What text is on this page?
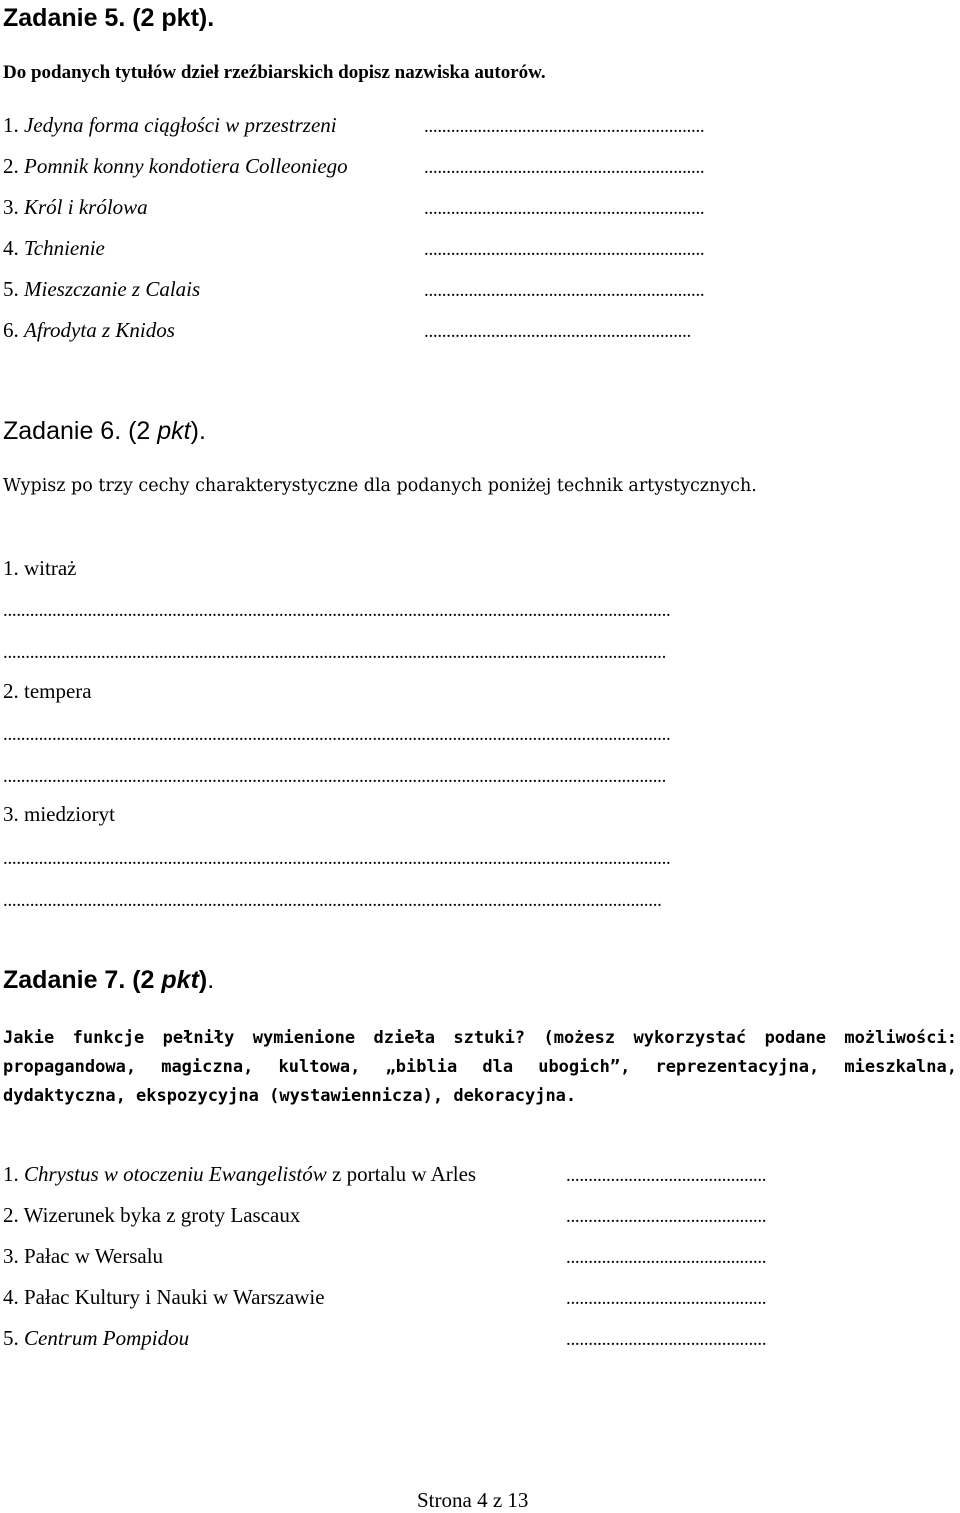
Zadanie 5. (2 pkt).
Do podanych tytułów dzieł rzeźbiarskich dopisz nazwiska autorów.
1. Jedyna forma ciągłości w przestrzeni	...............................................................
2. Pomnik konny kondotiera Colleoniego	...............................................................
3. Król i królowa	...............................................................
4. Tchnienie	...............................................................
5. Mieszczanie z Calais	...............................................................
6. Afrodyta z Knidos	............................................................
Zadanie 6. (2 pkt).
Wypisz po trzy cechy charakterystyczne dla podanych poniżej technik artystycznych.
1. witraż
......................................................................................................................................................
.....................................................................................................................................................
2. tempera
......................................................................................................................................................
.....................................................................................................................................................
3. miedzioryt
......................................................................................................................................................
....................................................................................................................................................
Zadanie 7. (2 pkt).
Jakie funkcje pełniły wymienione dzieła sztuki? (możesz wykorzystać podane możliwości: propagandowa, magiczna, kultowa, „biblia dla ubogich”, reprezentacyjna, mieszkalna, dydaktyczna, ekspozycyjna (wystawiennicza), dekoracyjna.
1. Chrystus w otoczeniu Ewangelistów z portalu w Arles	.............................................
2. Wizerunek byka z groty Lascaux	.............................................
3. Pałac w Wersalu	.............................................
4. Pałac Kultury i Nauki w Warszawie	.............................................
5. Centrum Pompidou	.............................................
Strona 4 z 13
